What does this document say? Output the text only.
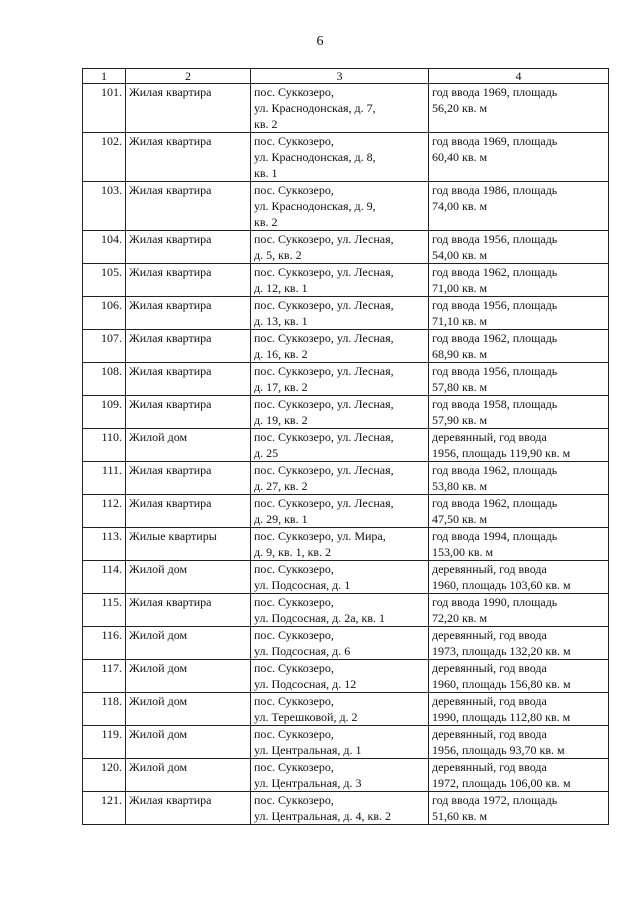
6
1	2	3	4
101.	Жилая квартира	пос. Суккозеро,
ул. Краснодонская, д. 7,
кв. 2	год ввода 1969, площадь
56,20 кв. м
102.	Жилая квартира	пос. Суккозеро,
ул. Краснодонская, д. 8,
кв. 1	год ввода 1969, площадь
60,40 кв. м
103.	Жилая квартира	пос. Суккозеро,
ул. Краснодонская, д. 9,
кв. 2	год ввода 1986, площадь
74,00 кв. м
104.	Жилая квартира	пос. Суккозеро, ул. Лесная,
д. 5, кв. 2	год ввода 1956, площадь
54,00 кв. м
105.	Жилая квартира	пос. Суккозеро, ул. Лесная,
д. 12, кв. 1	год ввода 1962, площадь
71,00 кв. м
106.	Жилая квартира	пос. Суккозеро, ул. Лесная,
д. 13, кв. 1	год ввода 1956, площадь
71,10 кв. м
107.	Жилая квартира	пос. Суккозеро, ул. Лесная,
д. 16, кв. 2	год ввода 1962, площадь
68,90 кв. м
108.	Жилая квартира	пос. Суккозеро, ул. Лесная,
д. 17, кв. 2	год ввода 1956, площадь
57,80 кв. м
109.	Жилая квартира	пос. Суккозеро, ул. Лесная,
д. 19, кв. 2	год ввода 1958, площадь
57,90 кв. м
110.	Жилой дом	пос. Суккозеро, ул. Лесная,
д. 25	деревянный, год ввода
1956, площадь 119,90 кв. м
111.	Жилая квартира	пос. Суккозеро, ул. Лесная,
д. 27, кв. 2	год ввода 1962, площадь
53,80 кв. м
112.	Жилая квартира	пос. Суккозеро, ул. Лесная,
д. 29, кв. 1	год ввода 1962, площадь
47,50 кв. м
113.	Жилые квартиры	пос. Суккозеро, ул. Мира,
д. 9, кв. 1, кв. 2	год ввода 1994, площадь
153,00 кв. м
114.	Жилой дом	пос. Суккозеро,
ул. Подсосная, д. 1	деревянный, год ввода
1960, площадь 103,60 кв. м
115.	Жилая квартира	пос. Суккозеро,
ул. Подсосная, д. 2а, кв. 1	год ввода 1990, площадь
72,20 кв. м
116.	Жилой дом	пос. Суккозеро,
ул. Подсосная, д. 6	деревянный, год ввода
1973, площадь 132,20 кв. м
117.	Жилой дом	пос. Суккозеро,
ул. Подсосная, д. 12	деревянный, год ввода
1960, площадь 156,80 кв. м
118.	Жилой дом	пос. Суккозеро,
ул. Терешковой, д. 2	деревянный, год ввода
1990, площадь 112,80 кв. м
119.	Жилой дом	пос. Суккозеро,
ул. Центральная, д. 1	деревянный, год ввода
1956, площадь 93,70 кв. м
120.	Жилой дом	пос. Суккозеро,
ул. Центральная, д. 3	деревянный, год ввода
1972, площадь 106,00 кв. м
121.	Жилая квартира	пос. Суккозеро,
ул. Центральная, д. 4, кв. 2	год ввода 1972, площадь
51,60 кв. м
